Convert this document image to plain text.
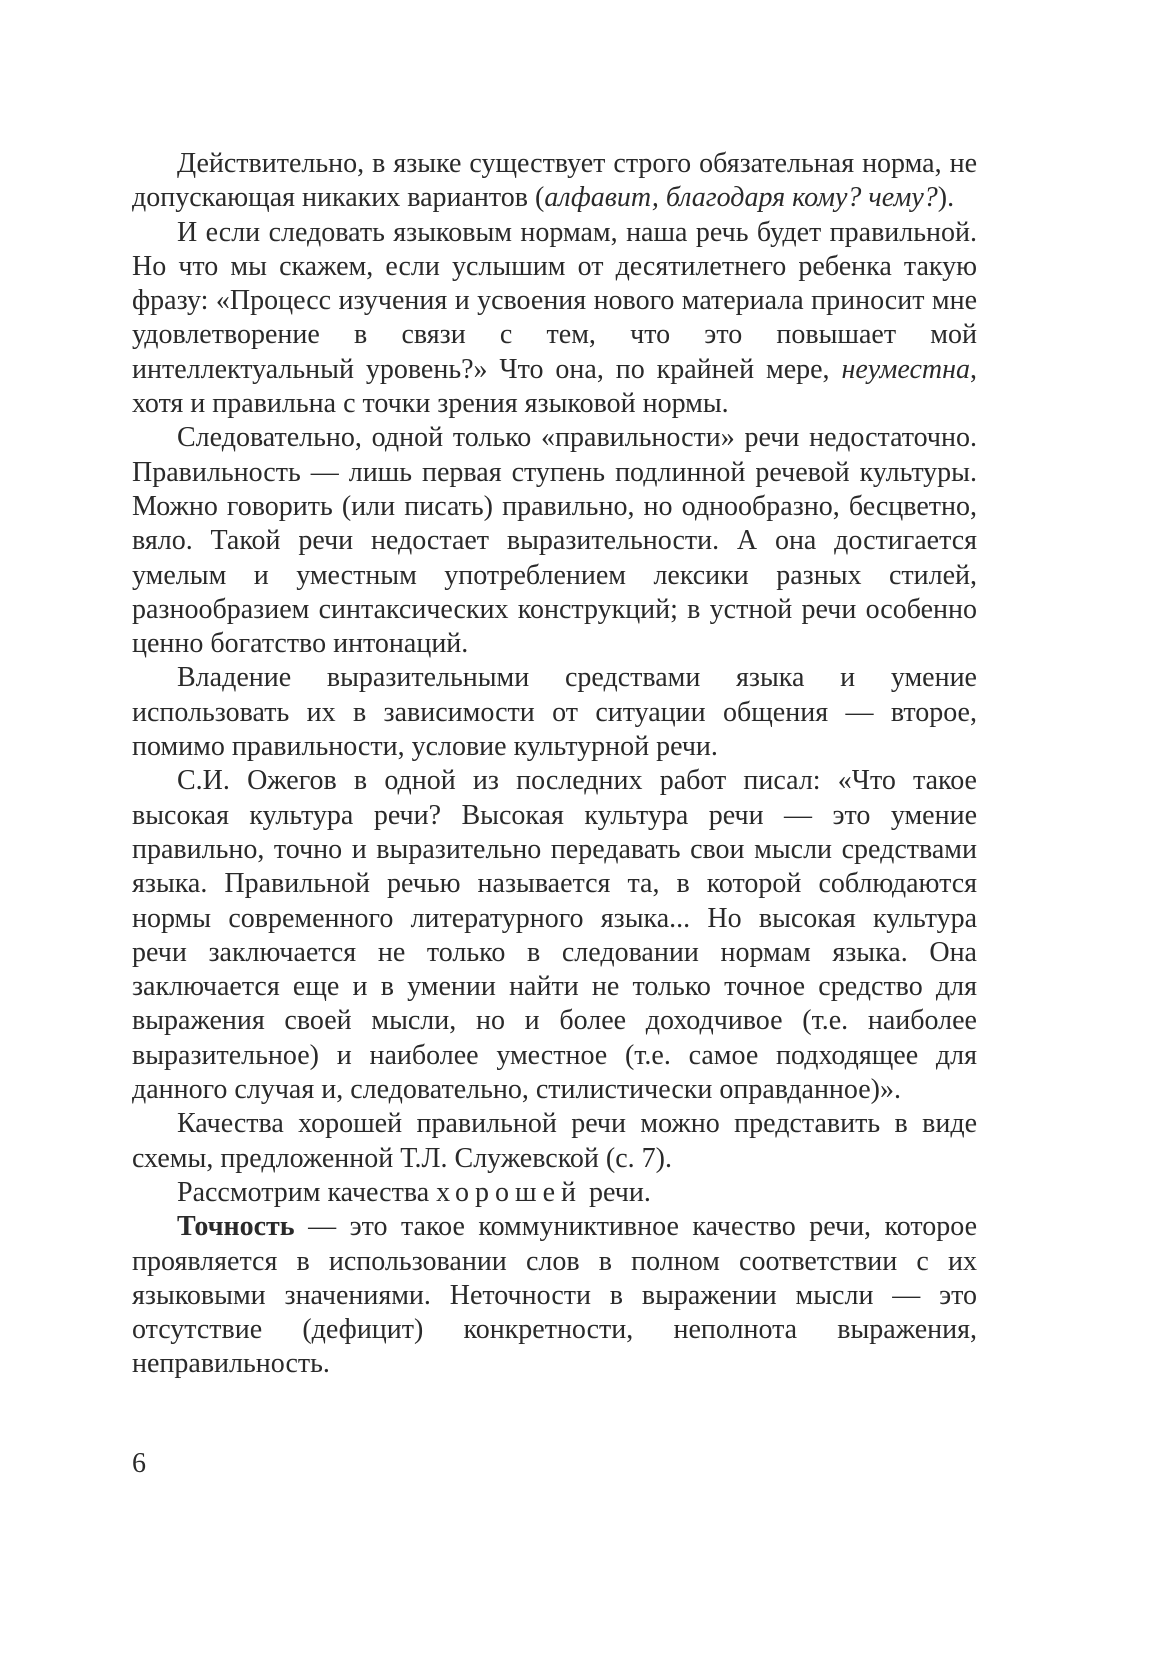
Действительно, в языке существует строго обязательная норма, не допускающая никаких вариантов (алфавит, благодаря кому? чему?).

И если следовать языковым нормам, наша речь будет правильной. Но что мы скажем, если услышим от десятилетнего ребенка такую фразу: «Процесс изучения и усвоения нового материала приносит мне удовлетворение в связи с тем, что это повышает мой интеллектуальный уровень?» Что она, по крайней мере, неуместна, хотя и правильна с точки зрения языковой нормы.

Следовательно, одной только «правильности» речи недостаточно. Правильность — лишь первая ступень подлинной речевой культуры. Можно говорить (или писать) правильно, но однообразно, бесцветно, вяло. Такой речи недостает выразительности. А она достигается умелым и уместным употреблением лексики разных стилей, разнообразием синтаксических конструкций; в устной речи особенно ценно богатство интонаций.

Владение выразительными средствами языка и умение использовать их в зависимости от ситуации общения — второе, помимо правильности, условие культурной речи.

С.И. Ожегов в одной из последних работ писал: «Что такое высокая культура речи? Высокая культура речи — это умение правильно, точно и выразительно передавать свои мысли средствами языка. Правильной речью называется та, в которой соблюдаются нормы современного литературного языка... Но высокая культура речи заключается не только в следовании нормам языка. Она заключается еще и в умении найти не только точное средство для выражения своей мысли, но и более доходчивое (т.е. наиболее выразительное) и наиболее уместное (т.е. самое подходящее для данного случая и, следовательно, стилистически оправданное)».

Качества хорошей правильной речи можно представить в виде схемы, предложенной Т.Л. Служевской (с. 7).

Рассмотрим качества хорошей речи.

Точность — это такое коммуниктивное качество речи, которое проявляется в использовании слов в полном соответствии с их языковыми значениями. Неточности в выражении мысли — это отсутствие (дефицит) конкретности, неполнота выражения, неправильность.

6
